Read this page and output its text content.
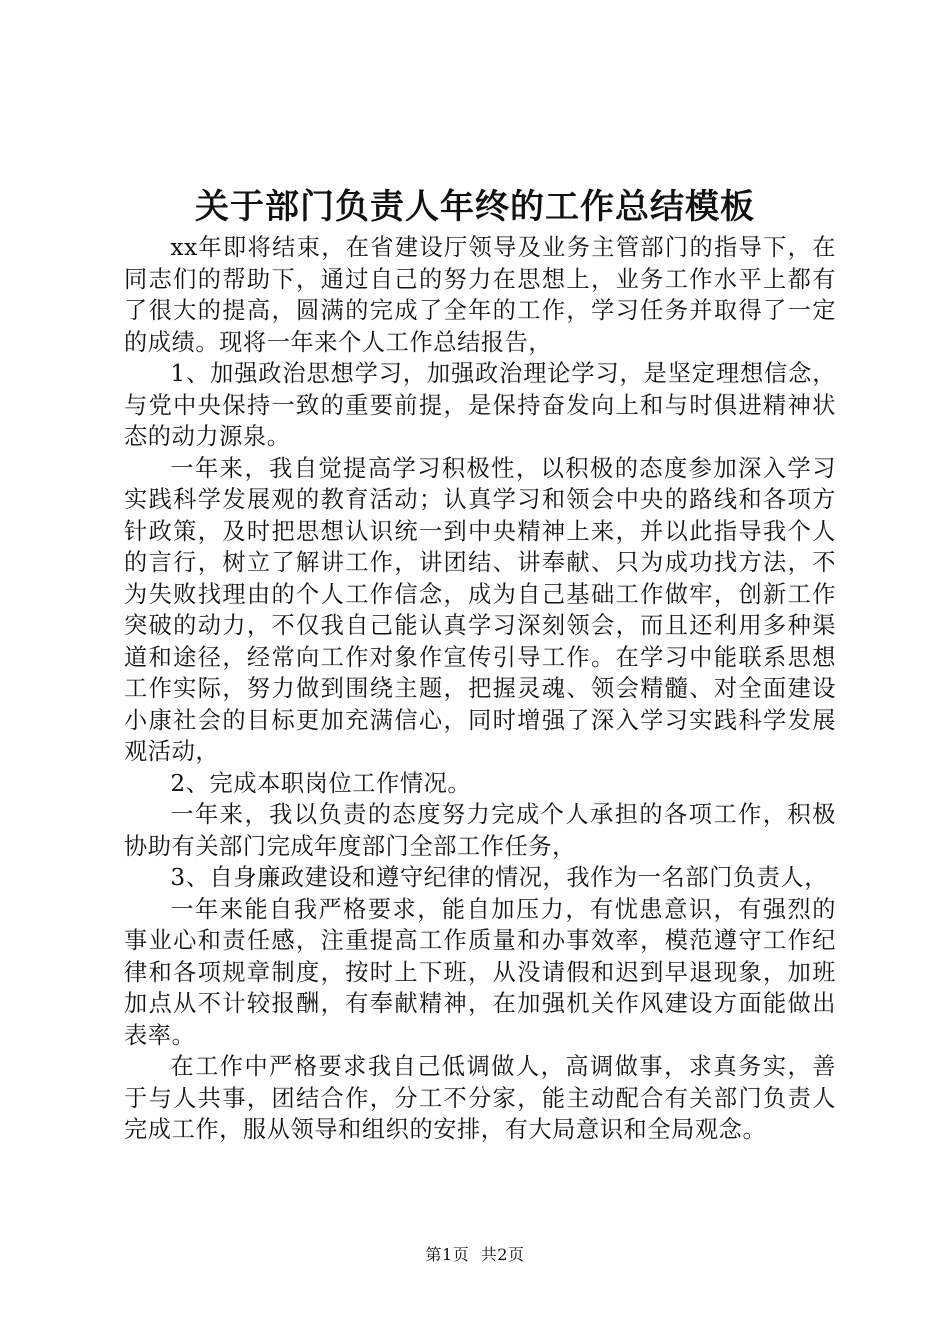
关于部门负责人年终的工作总结模板

xx年即将结束，在省建设厅领导及业务主管部门的指导下，在同志们的帮助下，通过自己的努力在思想上，业务工作水平上都有了很大的提高，圆满的完成了全年的工作，学习任务并取得了一定的成绩。现将一年来个人工作总结报告，

1、加强政治思想学习，加强政治理论学习，是坚定理想信念，与党中央保持一致的重要前提，是保持奋发向上和与时俱进精神状态的动力源泉。

一年来，我自觉提高学习积极性，以积极的态度参加深入学习实践科学发展观的教育活动；认真学习和领会中央的路线和各项方针政策，及时把思想认识统一到中央精神上来，并以此指导我个人的言行，树立了解讲工作，讲团结、讲奉献、只为成功找方法，不为失败找理由的个人工作信念，成为自己基础工作做牢，创新工作突破的动力，不仅我自己能认真学习深刻领会，而且还利用多种渠道和途径，经常向工作对象作宣传引导工作。在学习中能联系思想工作实际，努力做到围绕主题，把握灵魂、领会精髓、对全面建设小康社会的目标更加充满信心，同时增强了深入学习实践科学发展观活动，

2、完成本职岗位工作情况。

一年来，我以负责的态度努力完成个人承担的各项工作，积极协助有关部门完成年度部门全部工作任务，

3、自身廉政建设和遵守纪律的情况，我作为一名部门负责人，

一年来能自我严格要求，能自加压力，有忧患意识，有强烈的事业心和责任感，注重提高工作质量和办事效率，模范遵守工作纪律和各项规章制度，按时上下班，从没请假和迟到早退现象，加班加点从不计较报酬，有奉献精神，在加强机关作风建设方面能做出表率。

在工作中严格要求我自己低调做人，高调做事，求真务实，善于与人共事，团结合作，分工不分家，能主动配合有关部门负责人完成工作，服从领导和组织的安排，有大局意识和全局观念。

第1页 共2页
